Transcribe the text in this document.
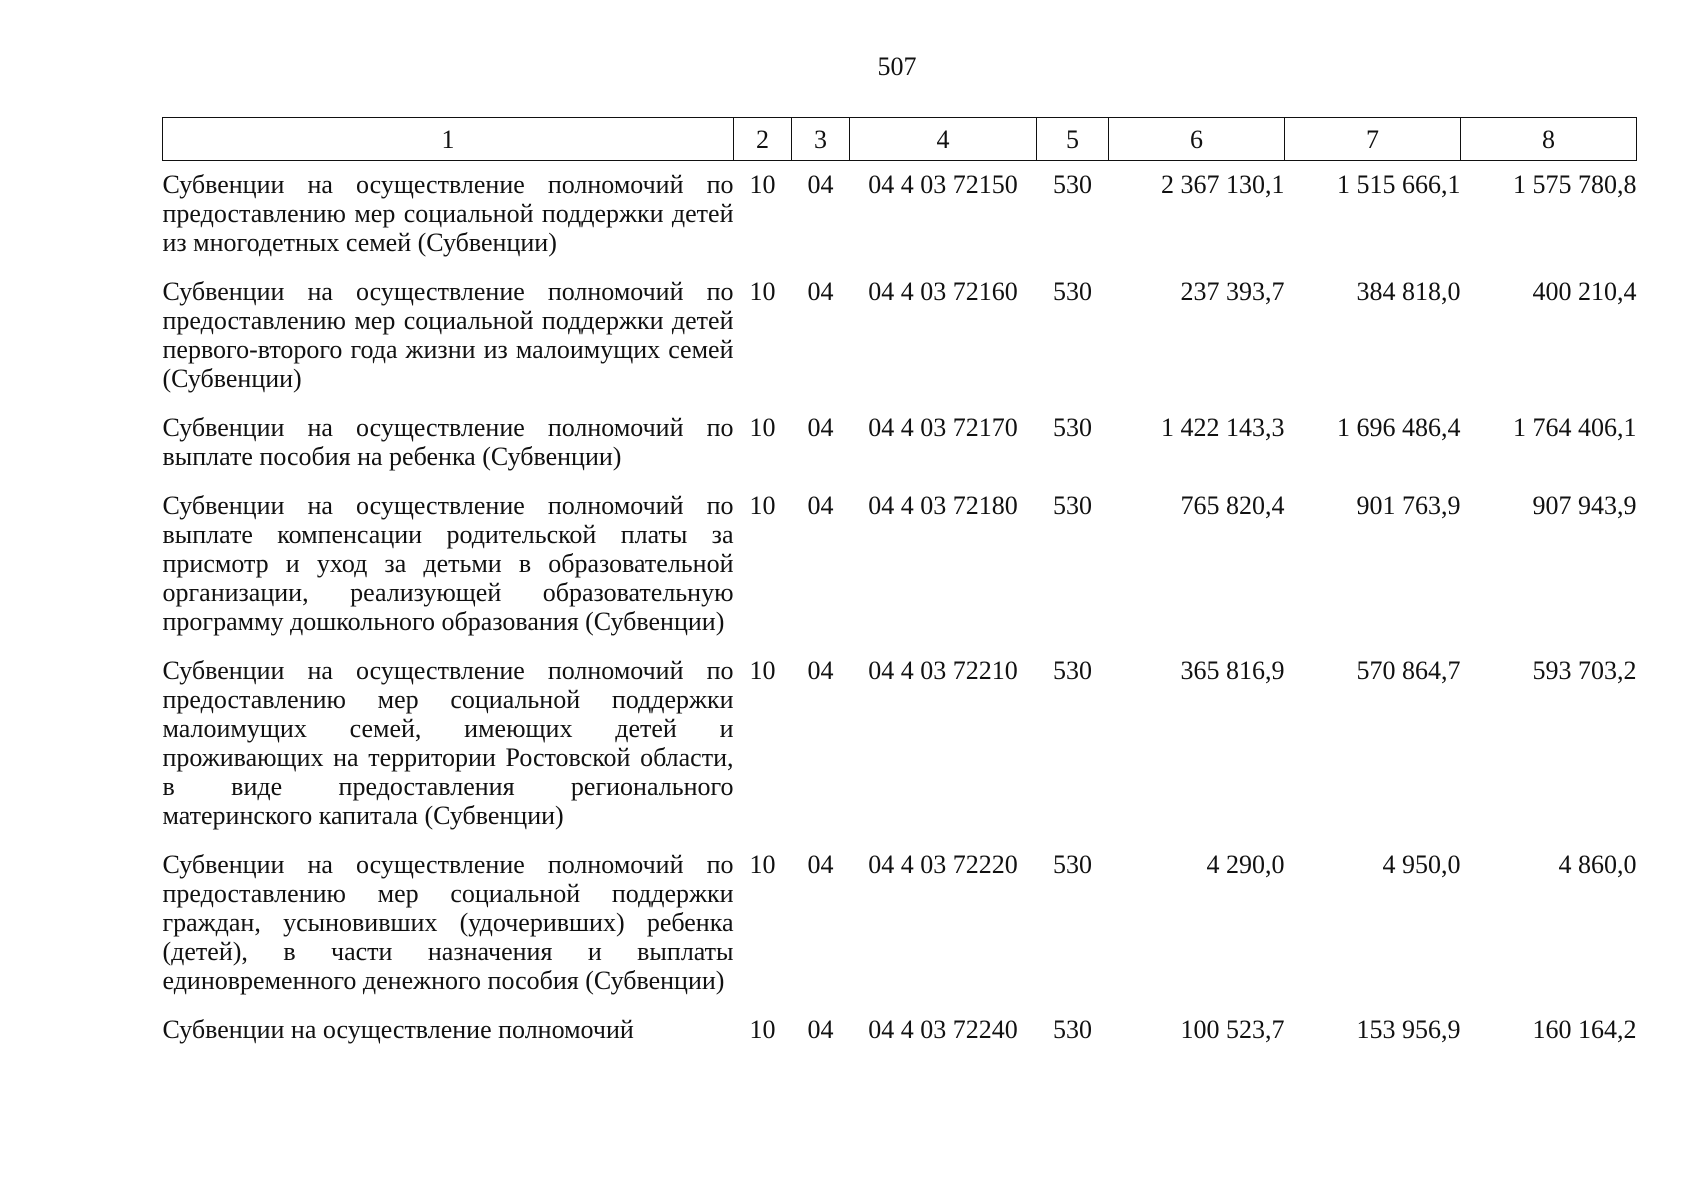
507
1	2	3	4	5	6	7	8
Субвенции на осуществление полномочий по предоставлению мер социальной поддержки детей из многодетных семей (Субвенции)	10	04	04 4 03 72150	530	2 367 130,1	1 515 666,1	1 575 780,8
Субвенции на осуществление полномочий по предоставлению мер социальной поддержки детей первого-второго года жизни из малоимущих семей (Субвенции)	10	04	04 4 03 72160	530	237 393,7	384 818,0	400 210,4
Субвенции на осуществление полномочий по выплате пособия на ребенка (Субвенции)	10	04	04 4 03 72170	530	1 422 143,3	1 696 486,4	1 764 406,1
Субвенции на осуществление полномочий по выплате компенсации родительской платы за присмотр и уход за детьми в образовательной организации, реализующей образовательную программу дошкольного образования (Субвенции)	10	04	04 4 03 72180	530	765 820,4	901 763,9	907 943,9
Субвенции на осуществление полномочий по предоставлению мер социальной поддержки малоимущих семей, имеющих детей и проживающих на территории Ростовской области, в виде предоставления регионального материнского капитала (Субвенции)	10	04	04 4 03 72210	530	365 816,9	570 864,7	593 703,2
Субвенции на осуществление полномочий по предоставлению мер социальной поддержки граждан, усыновивших (удочеривших) ребенка (детей), в части назначения и выплаты единовременного денежного пособия (Субвенции)	10	04	04 4 03 72220	530	4 290,0	4 950,0	4 860,0
Субвенции на осуществление полномочий	10	04	04 4 03 72240	530	100 523,7	153 956,9	160 164,2
